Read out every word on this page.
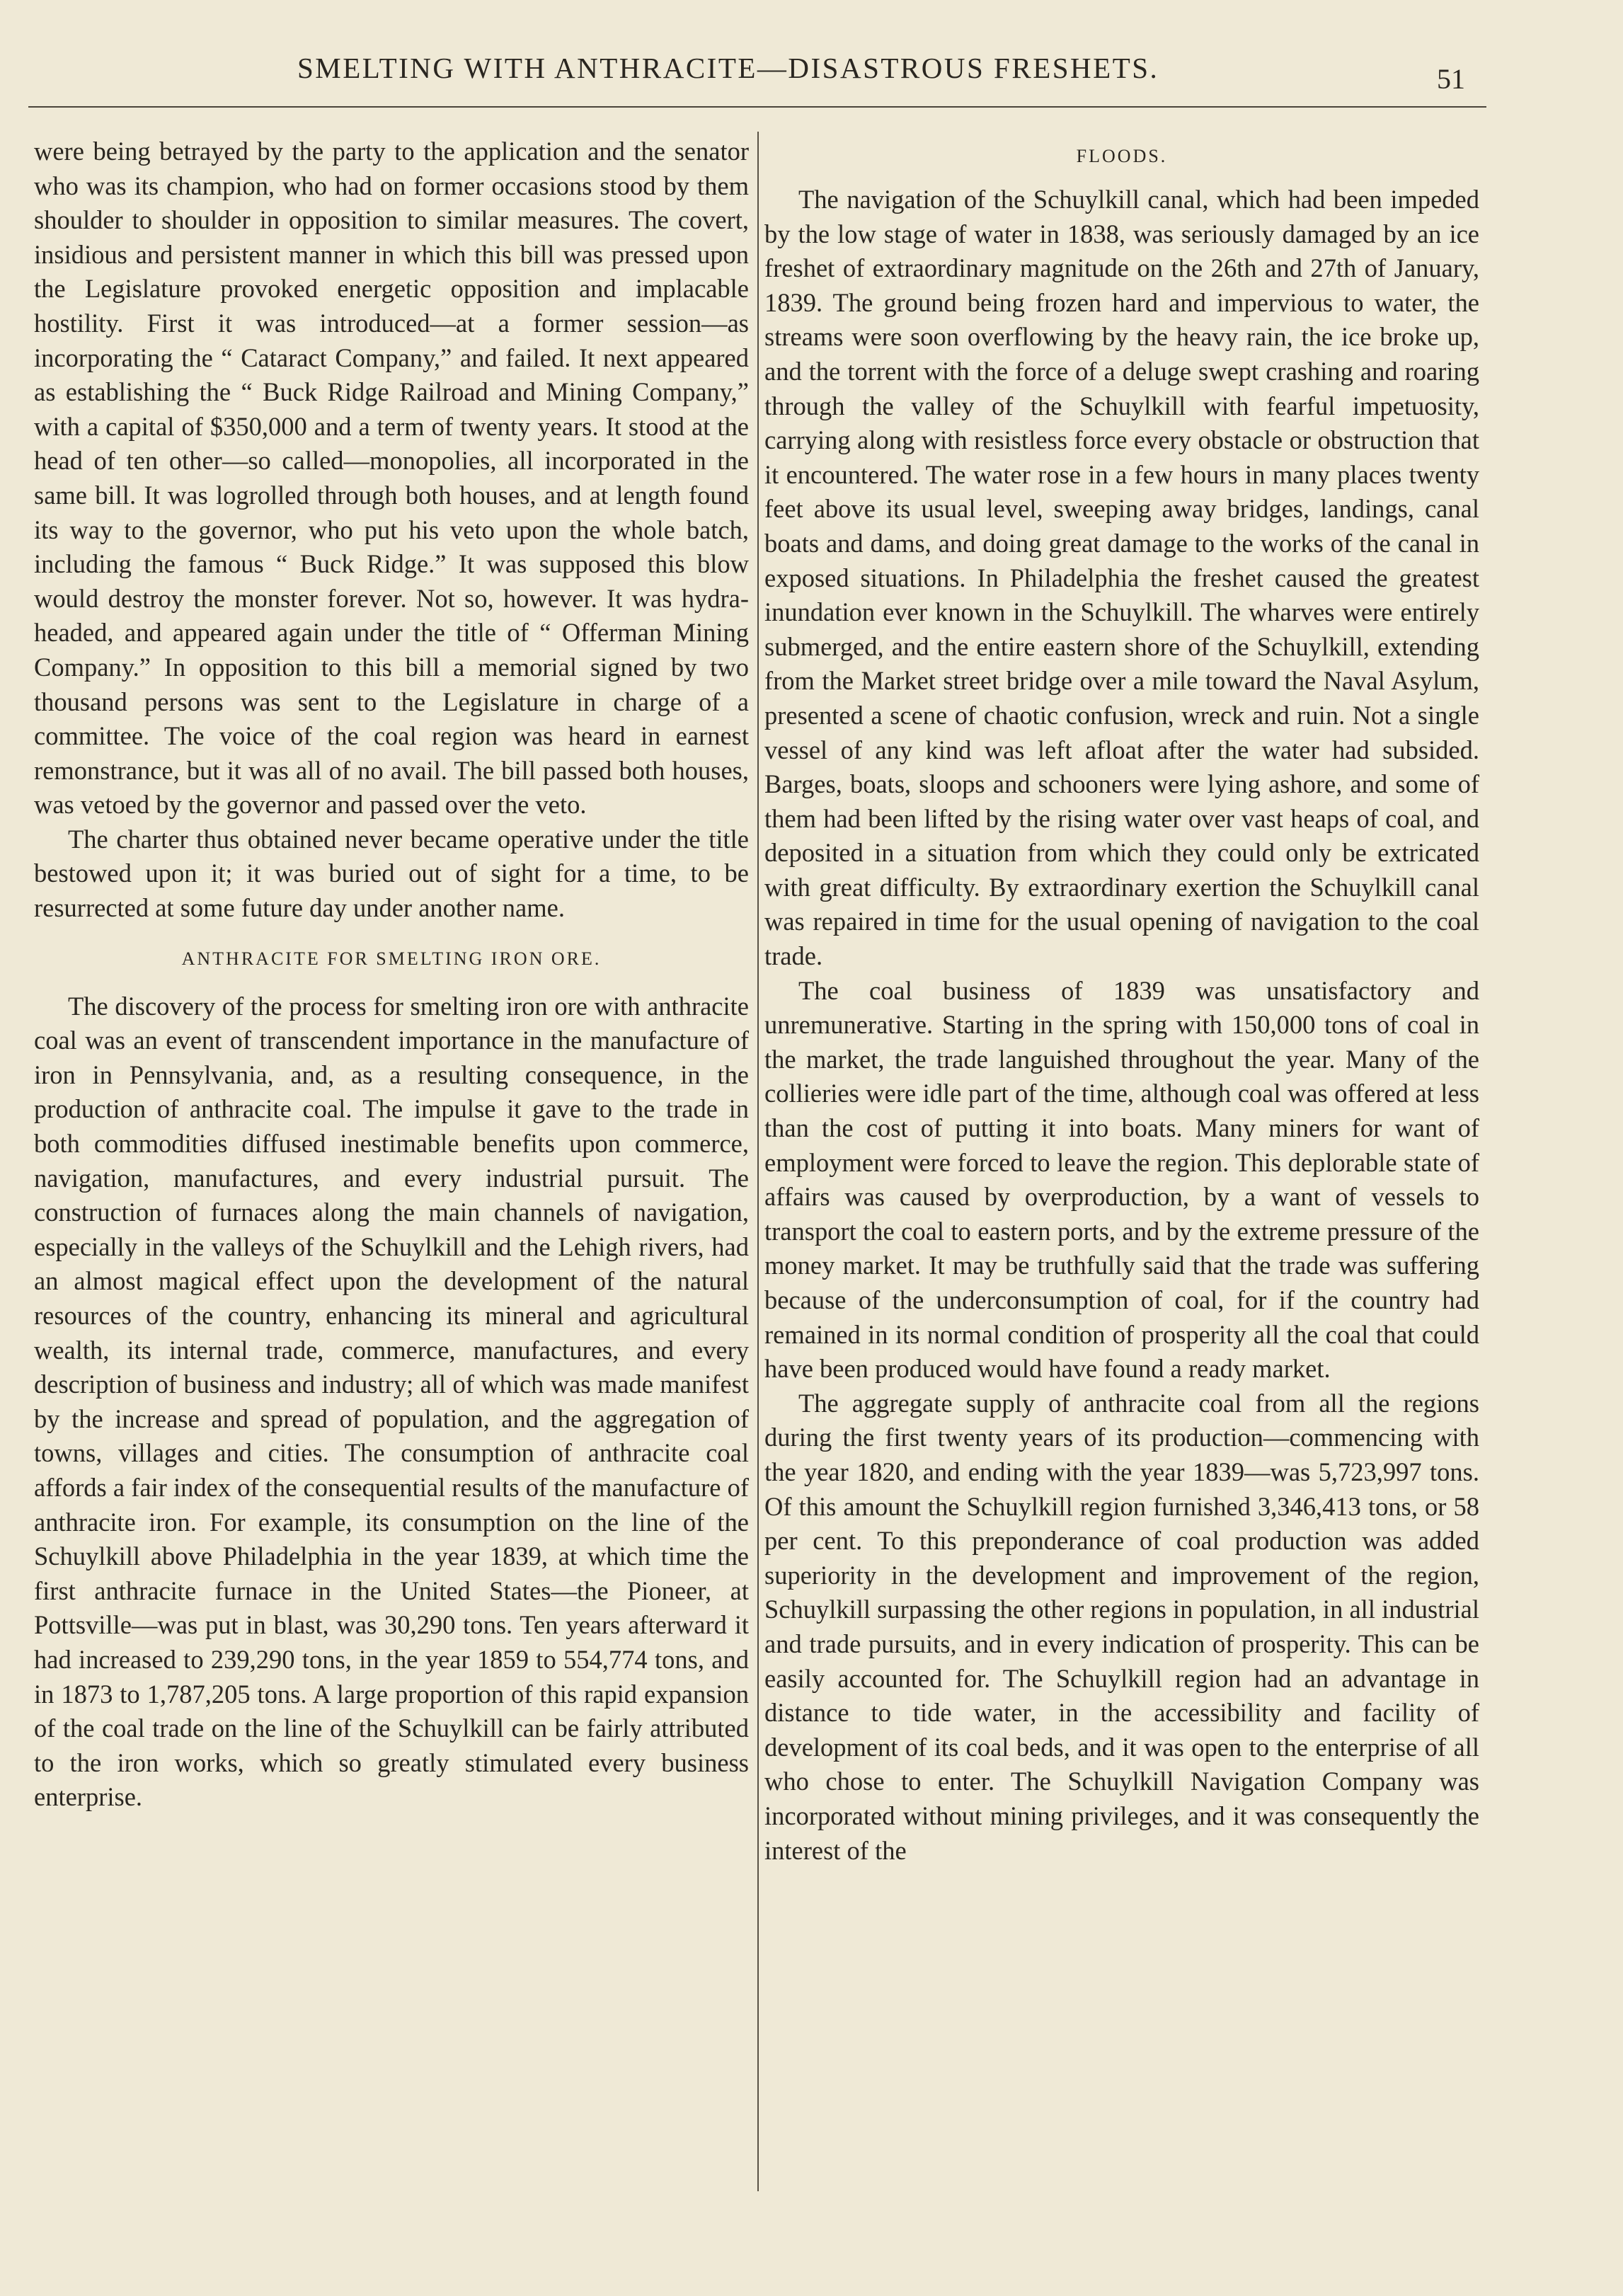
SMELTING WITH ANTHRACITE—DISASTROUS FRESHETS.	51

were being betrayed by the party to the application and the senator who was its champion, who had on former occasions stood by them shoulder to shoulder in opposition to similar measures. The covert, insidious and persistent manner in which this bill was pressed upon the Legislature provoked energetic opposition and implacable hostility. First it was introduced—at a former session—as incorporating the “ Cataract Company,” and failed. It next appeared as establishing the “ Buck Ridge Railroad and Mining Company,” with a capital of $350,000 and a term of twenty years. It stood at the head of ten other—so called—monopolies, all incorporated in the same bill. It was logrolled through both houses, and at length found its way to the governor, who put his veto upon the whole batch, including the famous “ Buck Ridge.” It was supposed this blow would destroy the monster forever. Not so, however. It was hydra-headed, and appeared again under the title of “ Offerman Mining Company.” In opposition to this bill a memorial signed by two thousand persons was sent to the Legislature in charge of a committee. The voice of the coal region was heard in earnest remonstrance, but it was all of no avail. The bill passed both houses, was vetoed by the governor and passed over the veto.

The charter thus obtained never became operative under the title bestowed upon it; it was buried out of sight for a time, to be resurrected at some future day under another name.

ANTHRACITE FOR SMELTING IRON ORE.

The discovery of the process for smelting iron ore with anthracite coal was an event of transcendent importance in the manufacture of iron in Pennsylvania, and, as a resulting consequence, in the production of anthracite coal. The impulse it gave to the trade in both commodities diffused inestimable benefits upon commerce, navigation, manufactures, and every industrial pursuit. The construction of furnaces along the main channels of navigation, especially in the valleys of the Schuylkill and the Lehigh rivers, had an almost magical effect upon the development of the natural resources of the country, enhancing its mineral and agricultural wealth, its internal trade, commerce, manufactures, and every description of business and industry; all of which was made manifest by the increase and spread of population, and the aggregation of towns, villages and cities. The consumption of anthracite coal affords a fair index of the consequential results of the manufacture of anthracite iron. For example, its consumption on the line of the Schuylkill above Philadelphia in the year 1839, at which time the first anthracite furnace in the United States—the Pioneer, at Pottsville—was put in blast, was 30,290 tons. Ten years afterward it had increased to 239,290 tons, in the year 1859 to 554,774 tons, and in 1873 to 1,787,205 tons. A large proportion of this rapid expansion of the coal trade on the line of the Schuylkill can be fairly attributed to the iron works, which so greatly stimulated every business enterprise.

FLOODS.

The navigation of the Schuylkill canal, which had been impeded by the low stage of water in 1838, was seriously damaged by an ice freshet of extraordinary magnitude on the 26th and 27th of January, 1839. The ground being frozen hard and impervious to water, the streams were soon overflowing by the heavy rain, the ice broke up, and the torrent with the force of a deluge swept crashing and roaring through the valley of the Schuylkill with fearful impetuosity, carrying along with resistless force every obstacle or obstruction that it encountered. The water rose in a few hours in many places twenty feet above its usual level, sweeping away bridges, landings, canal boats and dams, and doing great damage to the works of the canal in exposed situations. In Philadelphia the freshet caused the greatest inundation ever known in the Schuylkill. The wharves were entirely submerged, and the entire eastern shore of the Schuylkill, extending from the Market street bridge over a mile toward the Naval Asylum, presented a scene of chaotic confusion, wreck and ruin. Not a single vessel of any kind was left afloat after the water had subsided. Barges, boats, sloops and schooners were lying ashore, and some of them had been lifted by the rising water over vast heaps of coal, and deposited in a situation from which they could only be extricated with great difficulty. By extraordinary exertion the Schuylkill canal was repaired in time for the usual opening of navigation to the coal trade.

The coal business of 1839 was unsatisfactory and unremunerative. Starting in the spring with 150,000 tons of coal in the market, the trade languished throughout the year. Many of the collieries were idle part of the time, although coal was offered at less than the cost of putting it into boats. Many miners for want of employment were forced to leave the region. This deplorable state of affairs was caused by overproduction, by a want of vessels to transport the coal to eastern ports, and by the extreme pressure of the money market. It may be truthfully said that the trade was suffering because of the underconsumption of coal, for if the country had remained in its normal condition of prosperity all the coal that could have been produced would have found a ready market.

The aggregate supply of anthracite coal from all the regions during the first twenty years of its production—commencing with the year 1820, and ending with the year 1839—was 5,723,997 tons. Of this amount the Schuylkill region furnished 3,346,413 tons, or 58 per cent. To this preponderance of coal production was added superiority in the development and improvement of the region, Schuylkill surpassing the other regions in population, in all industrial and trade pursuits, and in every indication of prosperity. This can be easily accounted for. The Schuylkill region had an advantage in distance to tide water, in the accessibility and facility of development of its coal beds, and it was open to the enterprise of all who chose to enter. The Schuylkill Navigation Company was incorporated without mining privileges, and it was consequently the interest of the
